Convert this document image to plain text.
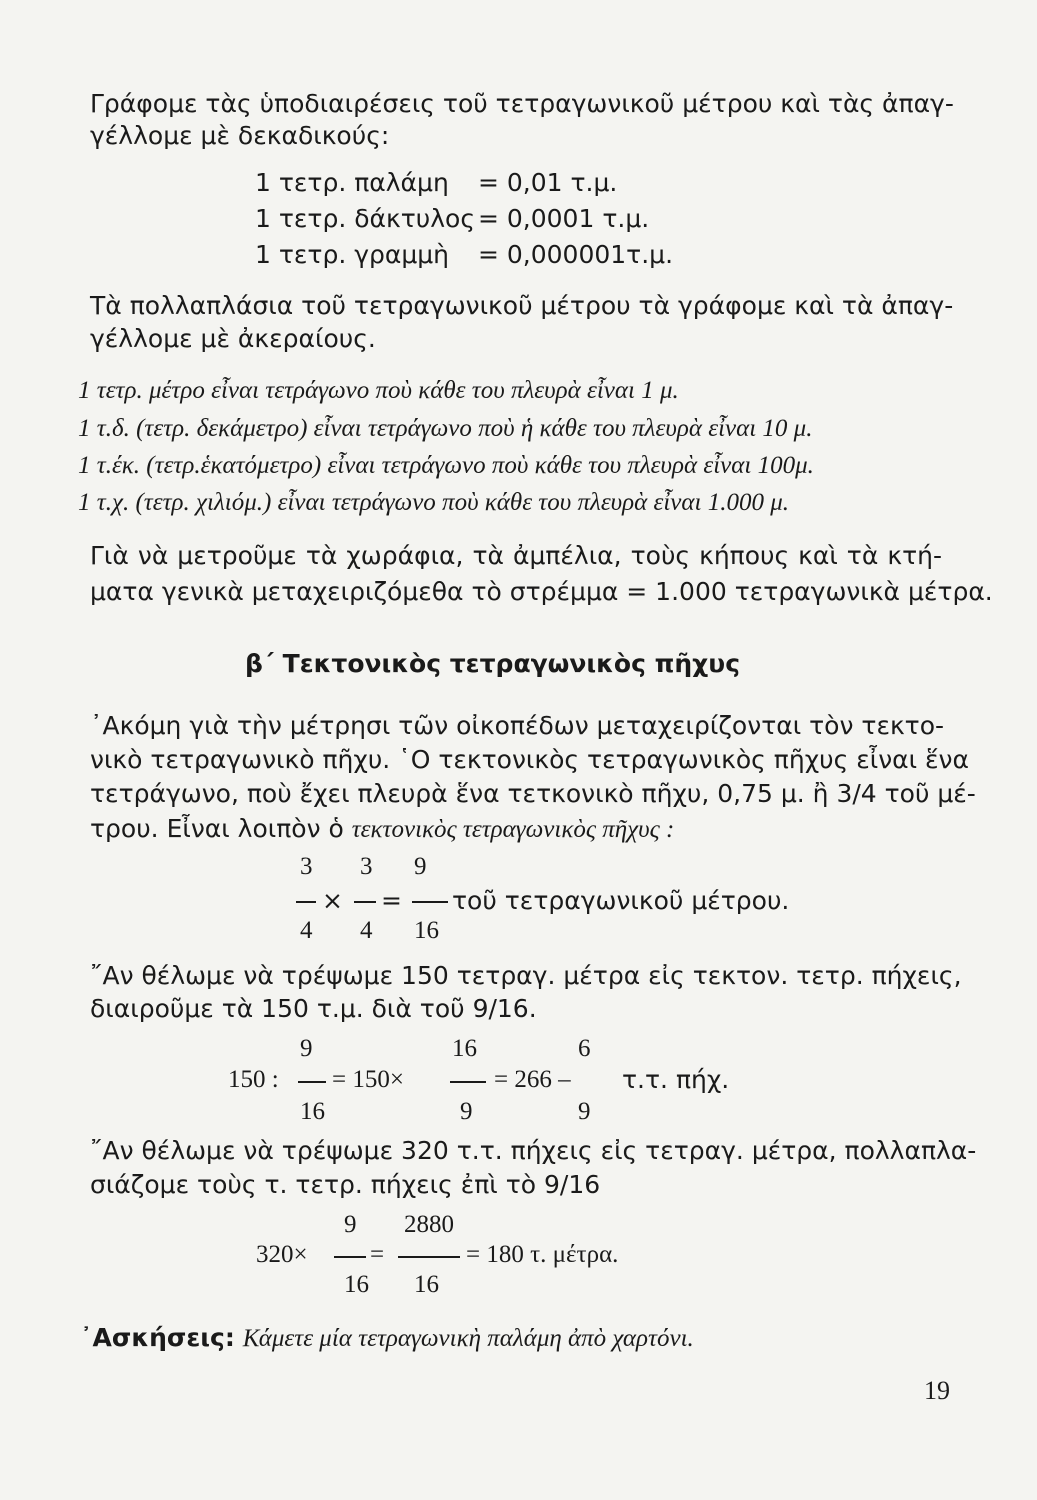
Γράφομε τὰς ὑποδιαιρέσεις τοῦ τετραγωνικοῦ μέτρου καὶ τὰς ἀπαγ-
γέλλομε μὲ δεκαδικούς:
1 τετρ. παλάμη = 0,01 τ.μ.
1 τετρ. δάκτυλος = 0,0001 τ.μ.
1 τετρ. γραμμὴ = 0,000001τ.μ.
Τὰ πολλαπλάσια τοῦ τετραγωνικοῦ μέτρου τὰ γράφομε καὶ τὰ ἀπαγ-
γέλλομε μὲ ἀκεραίους.
1 τετρ. μέτρο εἶναι τετράγωνο ποὺ κάθε του πλευρὰ εἶναι 1 μ.
1 τ.δ. (τετρ. δεκάμετρο) εἶναι τετράγωνο ποὺ ἡ κάθε του πλευρὰ εἶναι 10 μ.
1 τ.έκ. (τετρ.ἑκατόμετρο) εἶναι τετράγωνο ποὺ κάθε του πλευρὰ εἶναι 100μ.
1 τ.χ. (τετρ. χιλιόμ.) εἶναι τετράγωνο ποὺ κάθε του πλευρὰ εἶναι 1.000 μ.
Γιὰ νὰ μετροῦμε τὰ χωράφια, τὰ ἀμπέλια, τοὺς κήπους καὶ τὰ κτή-
ματα γενικὰ μεταχειριζόμεθα τὸ στρέμμα = 1.000 τετραγωνικὰ μέτρα.
β΄ Τεκτονικὸς τετραγωνικὸς πῆχυς
᾿Ακόμη γιὰ τὴν μέτρησι τῶν οἰκοπέδων μεταχειρίζονται τὸν τεκτο-
νικὸ τετραγωνικὸ πῆχυ. ῾Ο τεκτονικὸς τετραγωνικὸς πῆχυς εἶναι ἕνα
τετράγωνο, ποὺ ἔχει πλευρὰ ἕνα τετκονικὸ πῆχυ, 0,75 μ. ἢ 3/4 τοῦ μέ-
τρου. Εἶναι λοιπὸν ὁ τεκτονικὸς τετραγωνικὸς πῆχυς :
3 3 9
× = τοῦ τετραγωνικοῦ μέτρου.
4 4 16
῎Αν θέλωμε νὰ τρέψωμε 150 τετραγ. μέτρα εἰς τεκτον. τετρ. πήχεις,
διαιροῦμε τὰ 150 τ.μ. διὰ τοῦ 9/16.
9	16	6
150 : = 150×	= 266 – τ.τ. πήχ.
16	9	9
῎Αν θέλωμε νὰ τρέψωμε 320 τ.τ. πήχεις εἰς τετραγ. μέτρα, πολλαπλα-
σιάζομε τοὺς τ. τετρ. πήχεις ἐπὶ τὸ 9/16
9 2880
320× =	= 180 τ. μέτρα.
16 16
᾿Ασκήσεις: Κάμετε μία τετραγωνικὴ παλάμη ἀπὸ χαρτόνι.
19
